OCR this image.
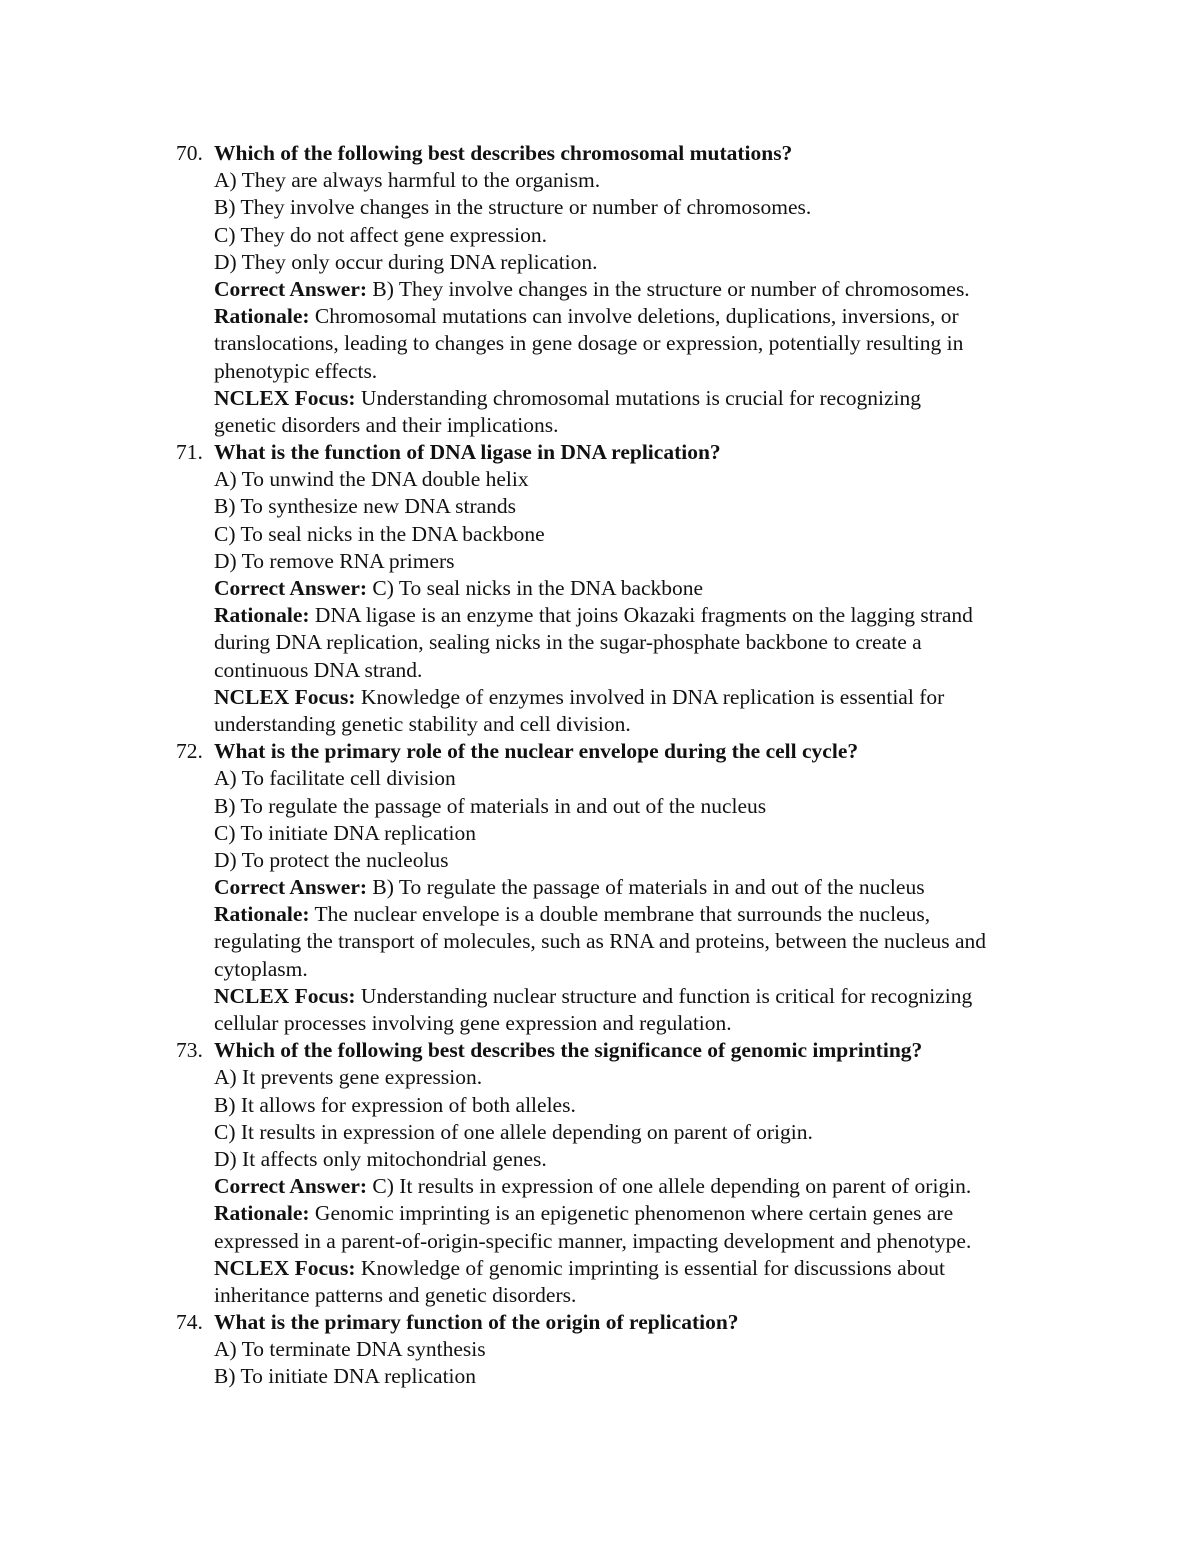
70. Which of the following best describes chromosomal mutations?
A) They are always harmful to the organism.
B) They involve changes in the structure or number of chromosomes.
C) They do not affect gene expression.
D) They only occur during DNA replication.
Correct Answer: B) They involve changes in the structure or number of chromosomes.
Rationale: Chromosomal mutations can involve deletions, duplications, inversions, or
translocations, leading to changes in gene dosage or expression, potentially resulting in
phenotypic effects.
NCLEX Focus: Understanding chromosomal mutations is crucial for recognizing
genetic disorders and their implications.
71. What is the function of DNA ligase in DNA replication?
A) To unwind the DNA double helix
B) To synthesize new DNA strands
C) To seal nicks in the DNA backbone
D) To remove RNA primers
Correct Answer: C) To seal nicks in the DNA backbone
Rationale: DNA ligase is an enzyme that joins Okazaki fragments on the lagging strand
during DNA replication, sealing nicks in the sugar-phosphate backbone to create a
continuous DNA strand.
NCLEX Focus: Knowledge of enzymes involved in DNA replication is essential for
understanding genetic stability and cell division.
72. What is the primary role of the nuclear envelope during the cell cycle?
A) To facilitate cell division
B) To regulate the passage of materials in and out of the nucleus
C) To initiate DNA replication
D) To protect the nucleolus
Correct Answer: B) To regulate the passage of materials in and out of the nucleus
Rationale: The nuclear envelope is a double membrane that surrounds the nucleus,
regulating the transport of molecules, such as RNA and proteins, between the nucleus and
cytoplasm.
NCLEX Focus: Understanding nuclear structure and function is critical for recognizing
cellular processes involving gene expression and regulation.
73. Which of the following best describes the significance of genomic imprinting?
A) It prevents gene expression.
B) It allows for expression of both alleles.
C) It results in expression of one allele depending on parent of origin.
D) It affects only mitochondrial genes.
Correct Answer: C) It results in expression of one allele depending on parent of origin.
Rationale: Genomic imprinting is an epigenetic phenomenon where certain genes are
expressed in a parent-of-origin-specific manner, impacting development and phenotype.
NCLEX Focus: Knowledge of genomic imprinting is essential for discussions about
inheritance patterns and genetic disorders.
74. What is the primary function of the origin of replication?
A) To terminate DNA synthesis
B) To initiate DNA replication
